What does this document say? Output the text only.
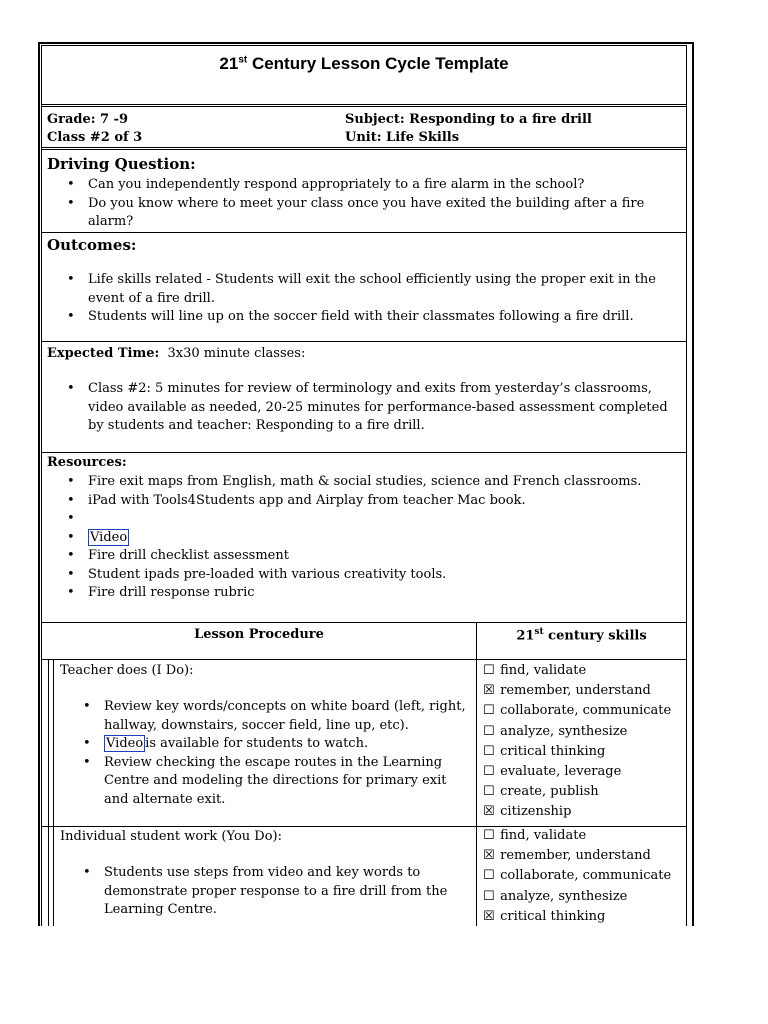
21st Century Lesson Cycle Template
Grade: 7 -9
Class #2 of 3
Subject: Responding to a fire drill
Unit: Life Skills
Driving Question:
• Can you independently respond appropriately to a fire alarm in the school?
• Do you know where to meet your class once you have exited the building after a fire alarm?
Outcomes:
• Life skills related - Students will exit the school efficiently using the proper exit in the event of a fire drill.
• Students will line up on the soccer field with their classmates following a fire drill.
Expected Time:  3x30 minute classes:
• Class #2: 5 minutes for review of terminology and exits from yesterday’s classrooms, video available as needed, 20-25 minutes for performance-based assessment completed by students and teacher: Responding to a fire drill.
Resources:
• Fire exit maps from English, math & social studies, science and French classrooms.
• iPad with Tools4Students app and Airplay from teacher Mac book.
•
• Video
• Fire drill checklist assessment
• Student ipads pre-loaded with various creativity tools.
• Fire drill response rubric
Lesson Procedure	21st century skills
Teacher does (I Do):
• Review key words/concepts on white board (left, right, hallway, downstairs, soccer field, line up, etc).
• Video is available for students to watch.
• Review checking the escape routes in the Learning Centre and modeling the directions for primary exit and alternate exit.
☐ find, validate
☒ remember, understand
☐ collaborate, communicate
☐ analyze, synthesize
☐ critical thinking
☐ evaluate, leverage
☐ create, publish
☒ citizenship
Individual student work (You Do):
• Students use steps from video and key words to demonstrate proper response to a fire drill from the Learning Centre.
☐ find, validate
☒ remember, understand
☐ collaborate, communicate
☐ analyze, synthesize
☒ critical thinking
